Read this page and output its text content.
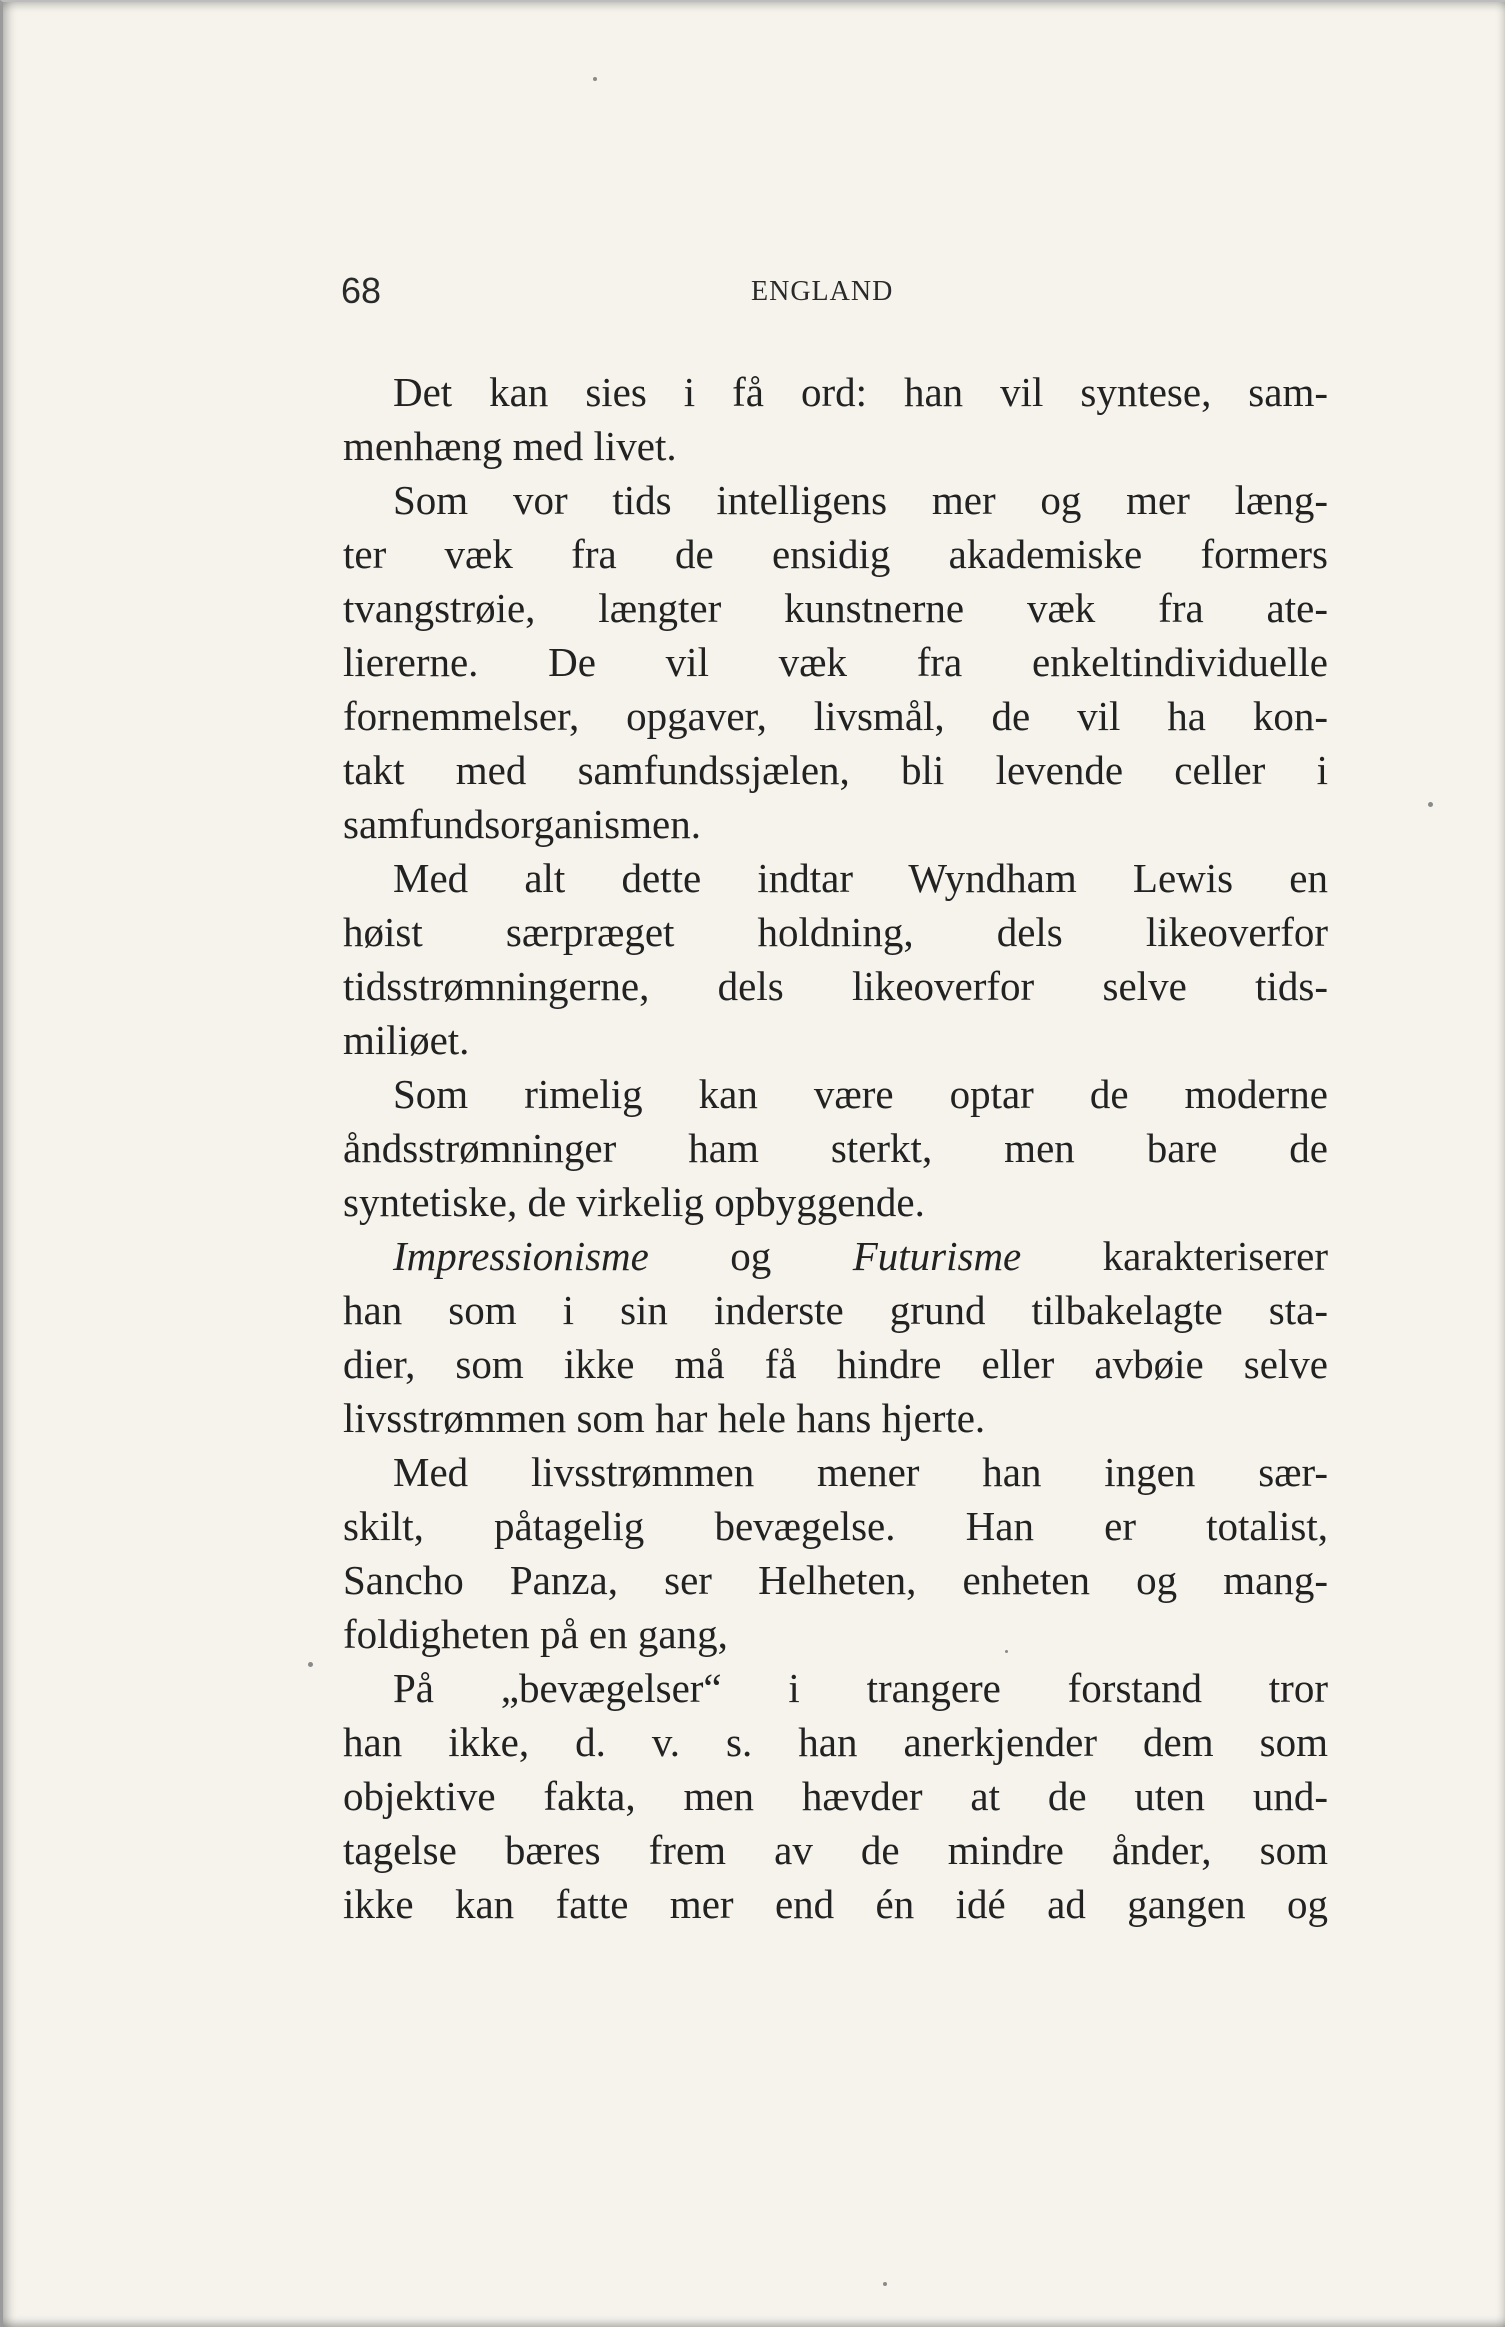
68	ENGLAND
Det kan sies i få ord: han vil syntese, sam-
menhæng med livet.
Som vor tids intelligens mer og mer læng-
ter væk fra de ensidig akademiske formers
tvangstrøie, længter kunstnerne væk fra ate-
liererne. De vil væk fra enkeltindividuelle
fornemmelser, opgaver, livsmål, de vil ha kon-
takt med samfundssjælen, bli levende celler i
samfundsorganismen.
Med alt dette indtar Wyndham Lewis en
høist særpræget holdning, dels likeoverfor
tidsstrømningerne, dels likeoverfor selve tids-
miliøet.
Som rimelig kan være optar de moderne
åndsstrømninger ham sterkt, men bare de
syntetiske, de virkelig opbyggende.
Impressionisme og Futurisme karakteriserer
han som i sin inderste grund tilbakelagte sta-
dier, som ikke må få hindre eller avbøie selve
livsstrømmen som har hele hans hjerte.
Med livsstrømmen mener han ingen sær-
skilt, påtagelig bevægelse. Han er totalist,
Sancho Panza, ser Helheten, enheten og mang-
foldigheten på en gang,
På „bevægelser“ i trangere forstand tror
han ikke, d. v. s. han anerkjender dem som
objektive fakta, men hævder at de uten und-
tagelse bæres frem av de mindre ånder, som
ikke kan fatte mer end én idé ad gangen og
